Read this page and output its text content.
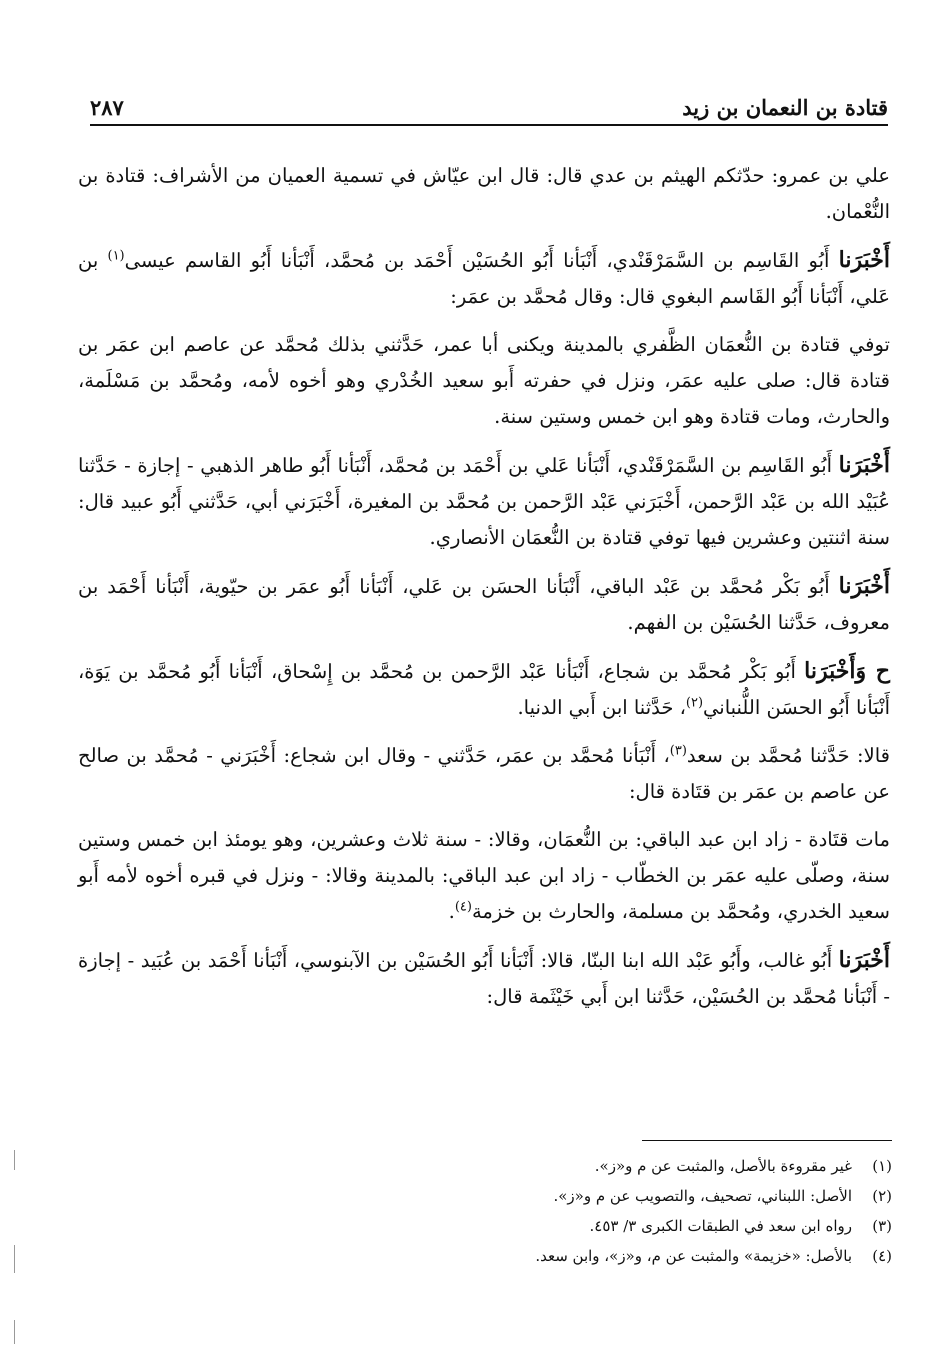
قتادة بن النعمان بن زيد
٢٨٧

علي بن عمرو: حدّثكم الهيثم بن عدي قال: قال ابن عيّاش في تسمية العميان من الأشراف: قتادة بن النُّعْمان.

أَخْبَرَنا أَبُو القَاسِم بن السَّمَرْقَنْدي، أَنْبَأنا أَبُو الحُسَيْن أَحْمَد بن مُحمَّد، أَنْبَأنا أَبُو القاسم عيسى$^{(١)}$ بن عَلي، أَنْبَأنا أَبُو القَاسم البغوي قال: وقال مُحمَّد بن عمَر:

توفي قتادة بن النُّعمَان الظَّفري بالمدينة ويكنى أبا عمر، حَدَّثني بذلك مُحمَّد عن عاصم ابن عمَر بن قتادة قال: صلى عليه عمَر، ونزل في حفرته أَبو سعيد الخُدْري وهو أخوه لأمه، ومُحمَّد بن مَسْلَمة، والحارث، ومات قتادة وهو ابن خمس وستين سنة.

أَخْبَرَنا أَبُو القَاسِم بن السَّمَرْقَنْدي، أَنْبَأنا عَلي بن أَحْمَد بن مُحمَّد، أَنْبَأنا أَبُو طاهر الذهبي - إجازة - حَدَّثنا عُبَيْد الله بن عَبْد الرَّحمن، أَخْبَرَني عَبْد الرَّحمن بن مُحمَّد بن المغيرة، أَخْبَرَني أبي، حَدَّثني أَبُو عبيد قال: سنة اثنتين وعشرين فيها توفي قتادة بن النُّعمَان الأنصاري.

أَخْبَرَنا أَبُو بَكْر مُحمَّد بن عَبْد الباقي، أَنْبَأنا الحسَن بن عَلي، أَنْبَأنا أَبُو عمَر بن حيّوية، أَنْبَأنا أَحْمَد بن معروف، حَدَّثنا الحُسَيْن بن الفهم.

ح وَأَخْبَرَنا أَبُو بَكْر مُحمَّد بن شجاع، أَنْبَأنا عَبْد الرَّحمن بن مُحمَّد بن إِسْحاق، أَنْبَأنا أَبُو مُحمَّد بن يَوَة، أَنْبَأنا أَبُو الحسَن اللُّنباني$^{(٢)}$، حَدَّثنا ابن أَبي الدنيا.

قالا: حَدَّثنا مُحمَّد بن سعد$^{(٣)}$، أَنْبَأنا مُحمَّد بن عمَر، حَدَّثني - وقال ابن شجاع: أَخْبَرَني - مُحمَّد بن صالح عن عاصم بن عمَر بن قتَادة قال:

مات قتَادة - زاد ابن عبد الباقي: بن النُّعمَان، وقالا: - سنة ثلاث وعشرين، وهو يومئذ ابن خمس وستين سنة، وصلّى عليه عمَر بن الخطّاب - زاد ابن عبد الباقي: بالمدينة وقالا: - ونزل في قبره أخوه لأمه أَبو سعيد الخدري، ومُحمَّد بن مسلمة، والحارث بن خزمة$^{(٤)}$.

أَخْبَرَنا أَبُو غالب، وأَبُو عَبْد الله ابنا البنّا، قالا: أَنْبَأنا أَبُو الحُسَيْن بن الآبنوسي، أَنْبَأنا أَحْمَد بن عُبَيد - إجازة - أَنْبَأنا مُحمَّد بن الحُسَيْن، حَدَّثنا ابن أَبي خَيْثَمة قال:

(١)
غير مقروءة بالأصل، والمثبت عن م و«ز».
(٢)
الأصل: اللبناني، تصحيف، والتصويب عن م و«ز».
(٣)
رواه ابن سعد في الطبقات الكبرى ٣/ ٤٥٣.
(٤)
بالأصل: «خزيمة» والمثبت عن م، و«ز»، وابن سعد.
